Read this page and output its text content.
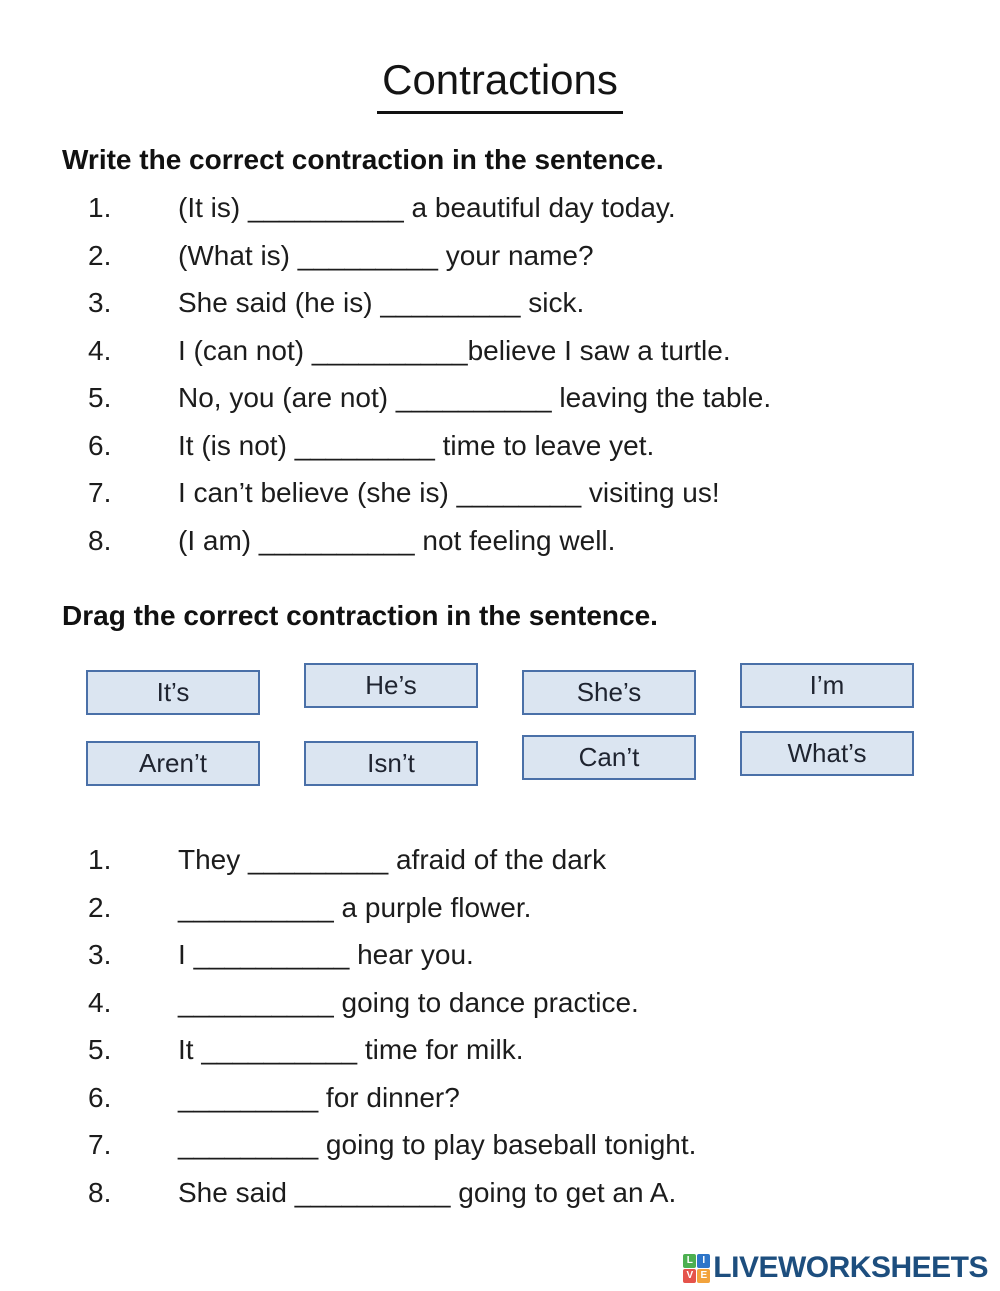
Contractions
Write the correct contraction in the sentence.
1.	(It is) __________ a beautiful day today.
2.	(What is) _________ your name?
3.	She said (he is) _________ sick.
4.	I (can not) __________ believe I saw a turtle.
5.	No, you (are not) __________ leaving the table.
6.	It (is not) _________ time to leave yet.
7.	I can’t believe (she is) ________ visiting us!
8.	(I am) __________ not feeling well.
Drag the correct contraction in the sentence.
It’s	He’s	She’s	I’m
Aren’t	Isn’t	Can’t	What’s
1.	They _________ afraid of the dark
2.	__________ a purple flower.
3.	I __________ hear you.
4.	__________ going to dance practice.
5.	It __________ time for milk.
6.	_________ for dinner?
7.	_________ going to play baseball tonight.
8.	She said __________ going to get an A.
L I
V E LIVEWORKSHEETS
